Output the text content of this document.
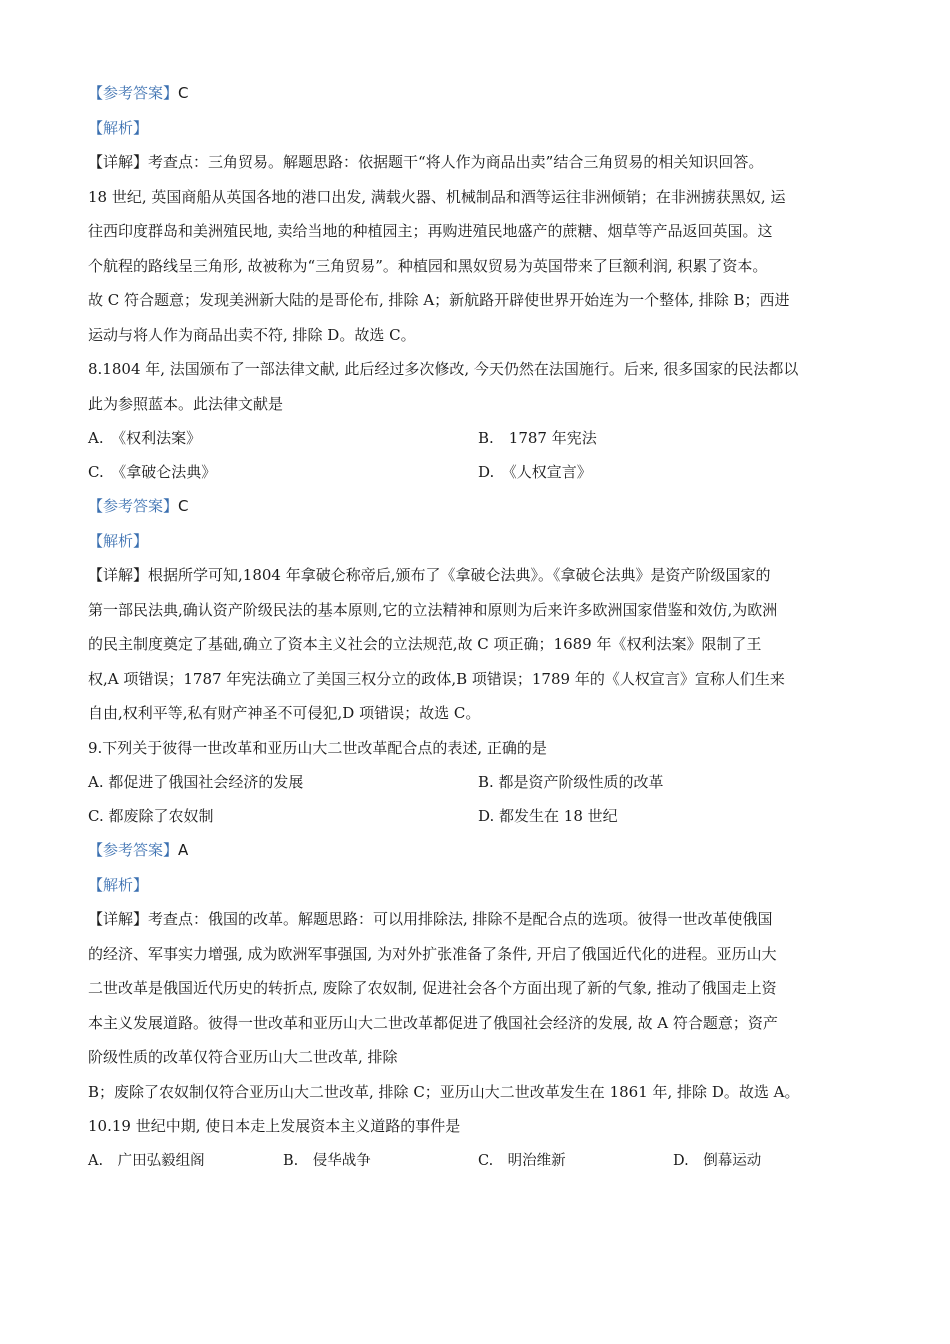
【参考答案】C
【解析】
【详解】考查点：三角贸易。解题思路：依据题干“将人作为商品出卖”结合三角贸易的相关知识回答。
18 世纪, 英国商船从英国各地的港口出发, 满载火器、机械制品和酒等运往非洲倾销；在非洲掳获黑奴, 运
往西印度群岛和美洲殖民地, 卖给当地的种植园主；再购进殖民地盛产的蔗糖、烟草等产品返回英国。这
个航程的路线呈三角形, 故被称为“三角贸易”。种植园和黑奴贸易为英国带来了巨额利润, 积累了资本。
故 C 符合题意；发现美洲新大陆的是哥伦布, 排除 A；新航路开辟使世界开始连为一个整体, 排除 B；西进
运动与将人作为商品出卖不符, 排除 D。故选 C。
8.1804 年, 法国颁布了一部法律文献, 此后经过多次修改, 今天仍然在法国施行。后来, 很多国家的民法都以
此为参照蓝本。此法律文献是
A.　《权利法案》	B.　1787 年宪法
C.　《拿破仑法典》	D.　《人权宣言》
【参考答案】C
【解析】
【详解】根据所学可知,1804 年拿破仑称帝后,颁布了《拿破仑法典》。《拿破仑法典》是资产阶级国家的
第一部民法典,确认资产阶级民法的基本原则,它的立法精神和原则为后来许多欧洲国家借鉴和效仿,为欧洲
的民主制度奠定了基础,确立了资本主义社会的立法规范,故 C 项正确；1689 年《权利法案》限制了王
权,A 项错误；1787 年宪法确立了美国三权分立的政体,B 项错误；1789 年的《人权宣言》宣称人们生来
自由,权利平等,私有财产神圣不可侵犯,D 项错误；故选 C。
9.下列关于彼得一世改革和亚历山大二世改革配合点的表述, 正确的是
A. 都促进了俄国社会经济的发展	B. 都是资产阶级性质的改革
C. 都废除了农奴制	D. 都发生在 18 世纪
【参考答案】A
【解析】
【详解】考查点：俄国的改革。解题思路：可以用排除法, 排除不是配合点的选项。彼得一世改革使俄国
的经济、军事实力增强, 成为欧洲军事强国, 为对外扩张准备了条件, 开启了俄国近代化的进程。亚历山大
二世改革是俄国近代历史的转折点, 废除了农奴制, 促进社会各个方面出现了新的气象, 推动了俄国走上资
本主义发展道路。彼得一世改革和亚历山大二世改革都促进了俄国社会经济的发展, 故 A 符合题意；资产
阶级性质的改革仅符合亚历山大二世改革, 排除
B；废除了农奴制仅符合亚历山大二世改革, 排除 C；亚历山大二世改革发生在 1861 年, 排除 D。故选 A。
10.19 世纪中期, 使日本走上发展资本主义道路的事件是
A.　广田弘毅组阁	B.　侵华战争	C.　明治维新	D.　倒幕运动
